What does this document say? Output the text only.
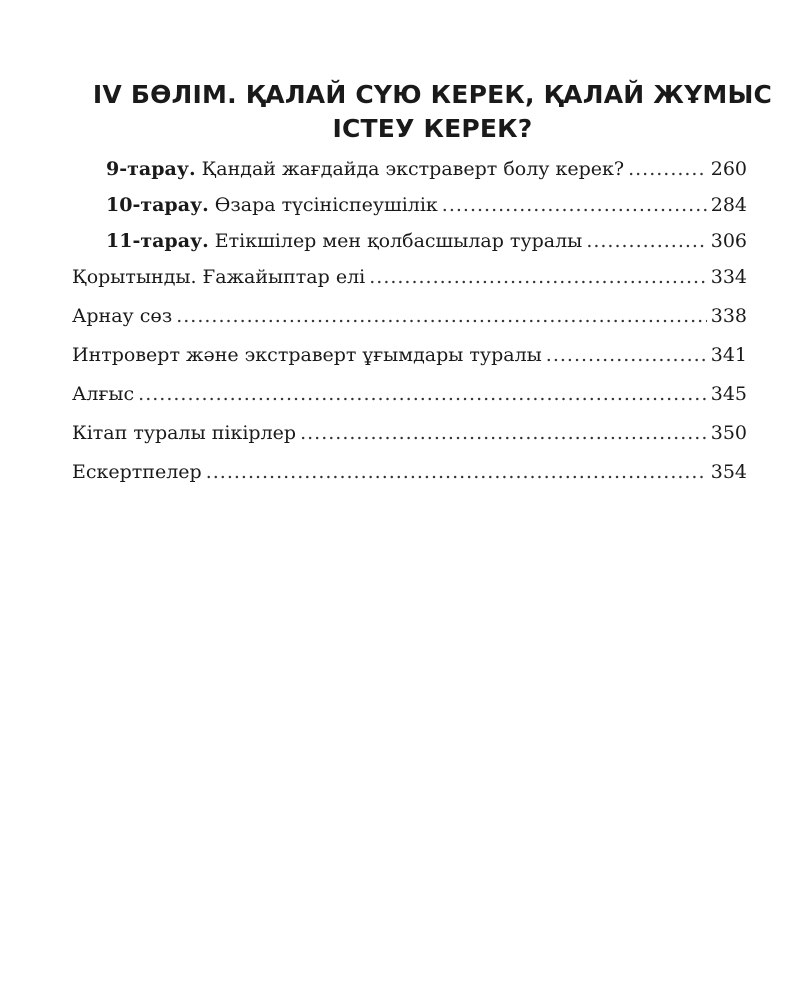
IV БӨЛІМ. ҚАЛАЙ СҮЮ КЕРЕК, ҚАЛАЙ ЖҰМЫС
ІСТЕУ КЕРЕК?
9-тарау. Қандай жағдайда экстраверт болу керек? .....	260
10-тарау. Өзара түсініспеушілік .....	284
11-тарау. Етікшілер мен қолбасшылар туралы .....	306
Қорытынды. Ғажайыптар елі .....	334
Арнау сөз .....	338
Интроверт және экстраверт ұғымдары туралы .....	341
Алғыс .....	345
Кітап туралы пікірлер .....	350
Ескертпелер .....	354
